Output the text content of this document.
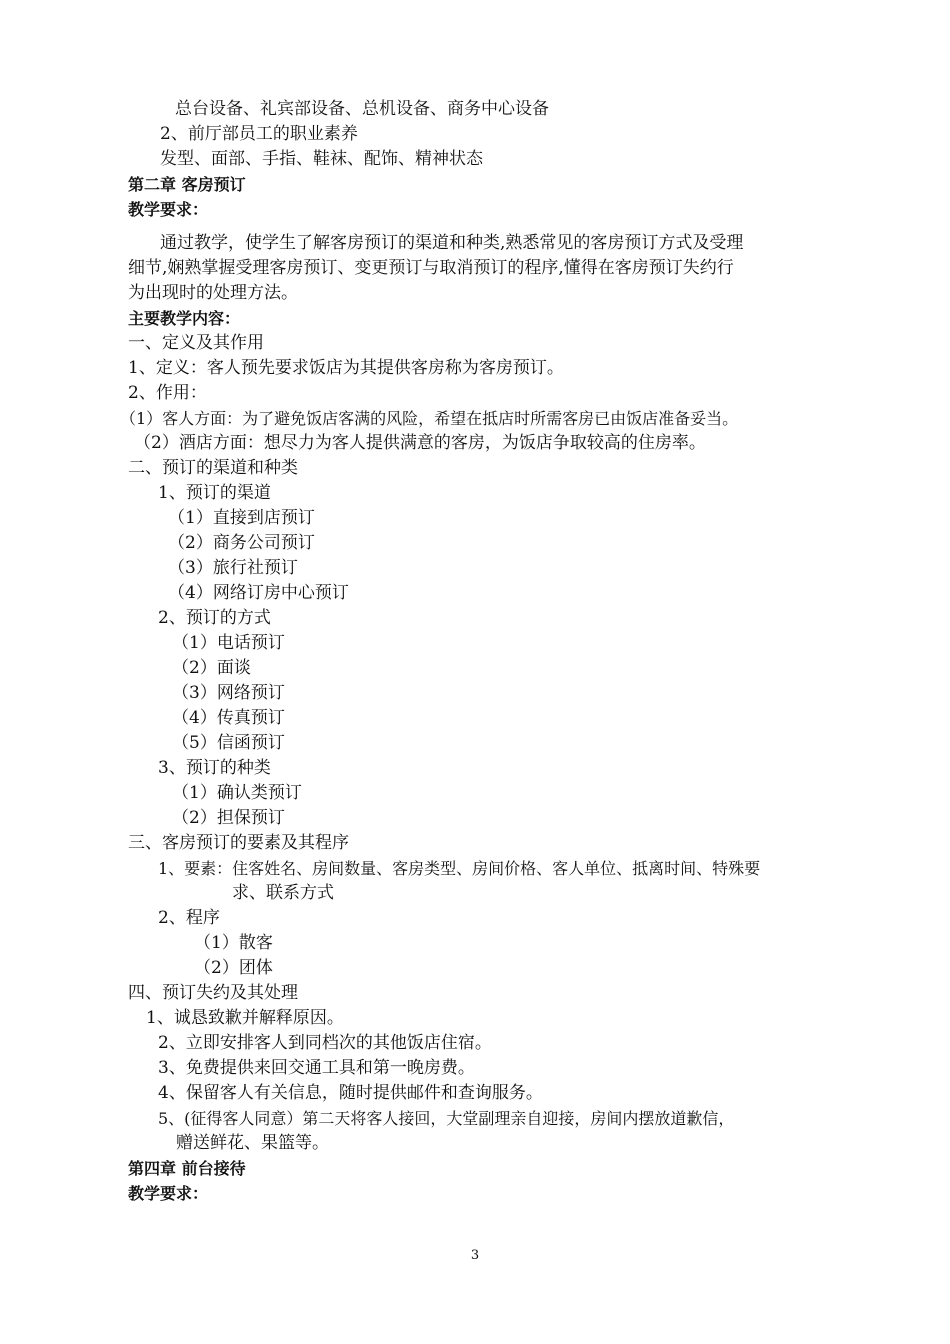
总台设备、礼宾部设备、总机设备、商务中心设备
2、前厅部员工的职业素养
发型、面部、手指、鞋袜、配饰、精神状态
第二章 客房预订
教学要求：
通过教学，使学生了解客房预订的渠道和种类,熟悉常见的客房预订方式及受理
细节,娴熟掌握受理客房预订、变更预订与取消预订的程序,懂得在客房预订失约行
为出现时的处理方法。
主要教学内容：
一、定义及其作用
1、定义：客人预先要求饭店为其提供客房称为客房预订。
2、作用：
（1）客人方面：为了避免饭店客满的风险，希望在抵店时所需客房已由饭店准备妥当。
（2）酒店方面：想尽力为客人提供满意的客房，为饭店争取较高的住房率。
二、预订的渠道和种类
1、预订的渠道
（1）直接到店预订
（2）商务公司预订
（3）旅行社预订
（4）网络订房中心预订
2、预订的方式
（1）电话预订
（2）面谈
（3）网络预订
（4）传真预订
（5）信函预订
3、预订的种类
（1）确认类预订
（2）担保预订
三、客房预订的要素及其程序
1、要素：住客姓名、房间数量、客房类型、房间价格、客人单位、抵离时间、特殊要
求、联系方式
2、程序
（1）散客
（2）团体
四、预订失约及其处理
1、诚恳致歉并解释原因。
2、立即安排客人到同档次的其他饭店住宿。
3、免费提供来回交通工具和第一晚房费。
4、保留客人有关信息，随时提供邮件和查询服务。
5、(征得客人同意）第二天将客人接回，大堂副理亲自迎接，房间内摆放道歉信，
赠送鲜花、果篮等。
第四章 前台接待
教学要求：
3
